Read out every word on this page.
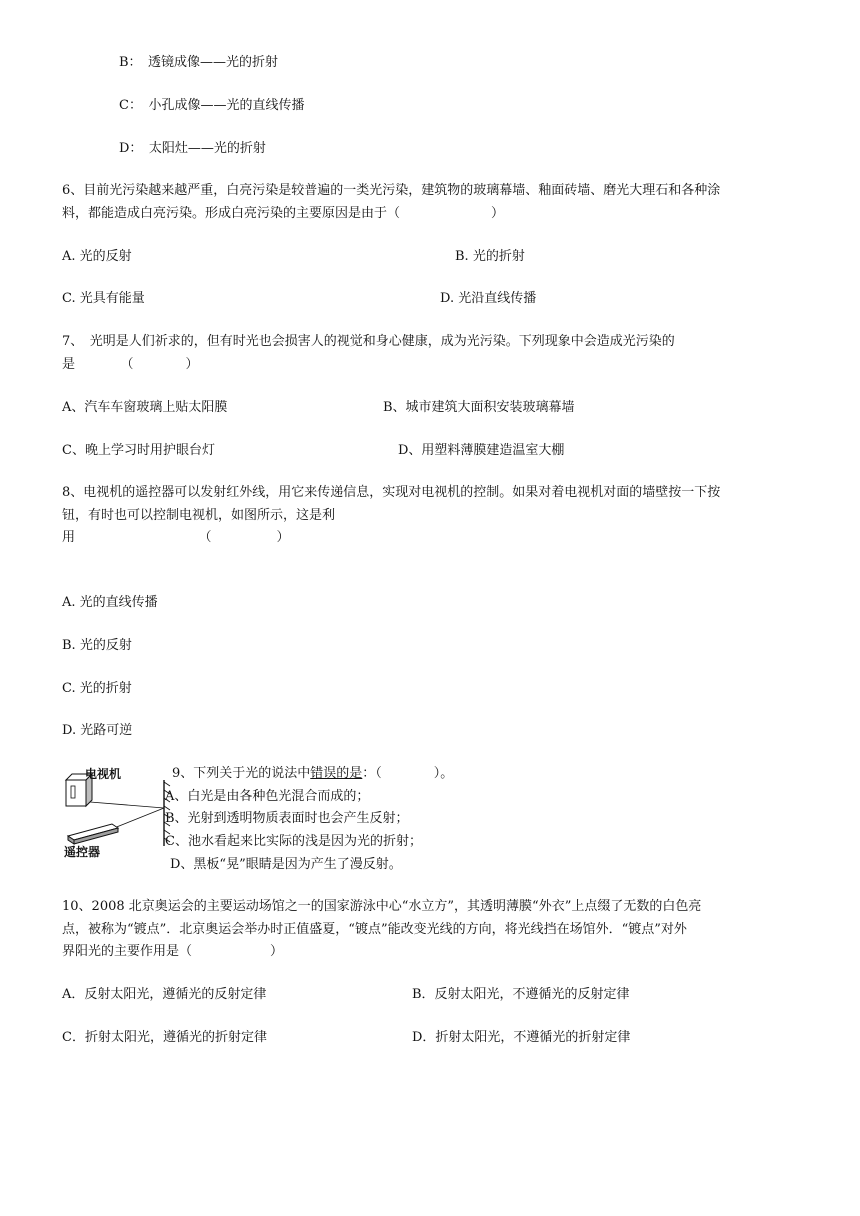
B：　透镜成像——光的折射
C：　小孔成像——光的直线传播
D：　太阳灶——光的折射
6、目前光污染越来越严重，白亮污染是较普遍的一类光污染，建筑物的玻璃幕墙、釉面砖墙、磨光大理石和各种涂
料，都能造成白亮污染。形成白亮污染的主要原因是由于（　　　　　　　）
A. 光的反射	B. 光的折射
C. 光具有能量	D. 光沿直线传播
7、　光明是人们祈求的，但有时光也会损害人的视觉和身心健康，成为光污染。下列现象中会造成光污染的
是　　　　（　　　　）
A、汽车车窗玻璃上贴太阳膜	B、城市建筑大面积安装玻璃幕墙
C、晚上学习时用护眼台灯	D、用塑料薄膜建造温室大棚
8、电视机的遥控器可以发射红外线，用它来传递信息，实现对电视机的控制。如果对着电视机对面的墙壁按一下按
钮，有时也可以控制电视机，如图所示，这是利
用　　　　　　　　　　（　　　　　）
A. 光的直线传播
B. 光的反射
C. 光的折射
D. 光路可逆
电视机
遥控器
9、下列关于光的说法中错误的是：（　　　　）。
A、白光是由各种色光混合而成的；
B、光射到透明物质表面时也会产生反射；
C、池水看起来比实际的浅是因为光的折射；
D、黑板“晃”眼睛是因为产生了漫反射。
10、2008 北京奥运会的主要运动场馆之一的国家游泳中心“水立方”，其透明薄膜“外衣”上点缀了无数的白色亮
点，被称为“镀点”．北京奥运会举办时正值盛夏，“镀点”能改变光线的方向，将光线挡在场馆外．“镀点”对外
界阳光的主要作用是（　　　　　　）
A．反射太阳光，遵循光的反射定律	B．反射太阳光，不遵循光的反射定律
C．折射太阳光，遵循光的折射定律	D．折射太阳光，不遵循光的折射定律
